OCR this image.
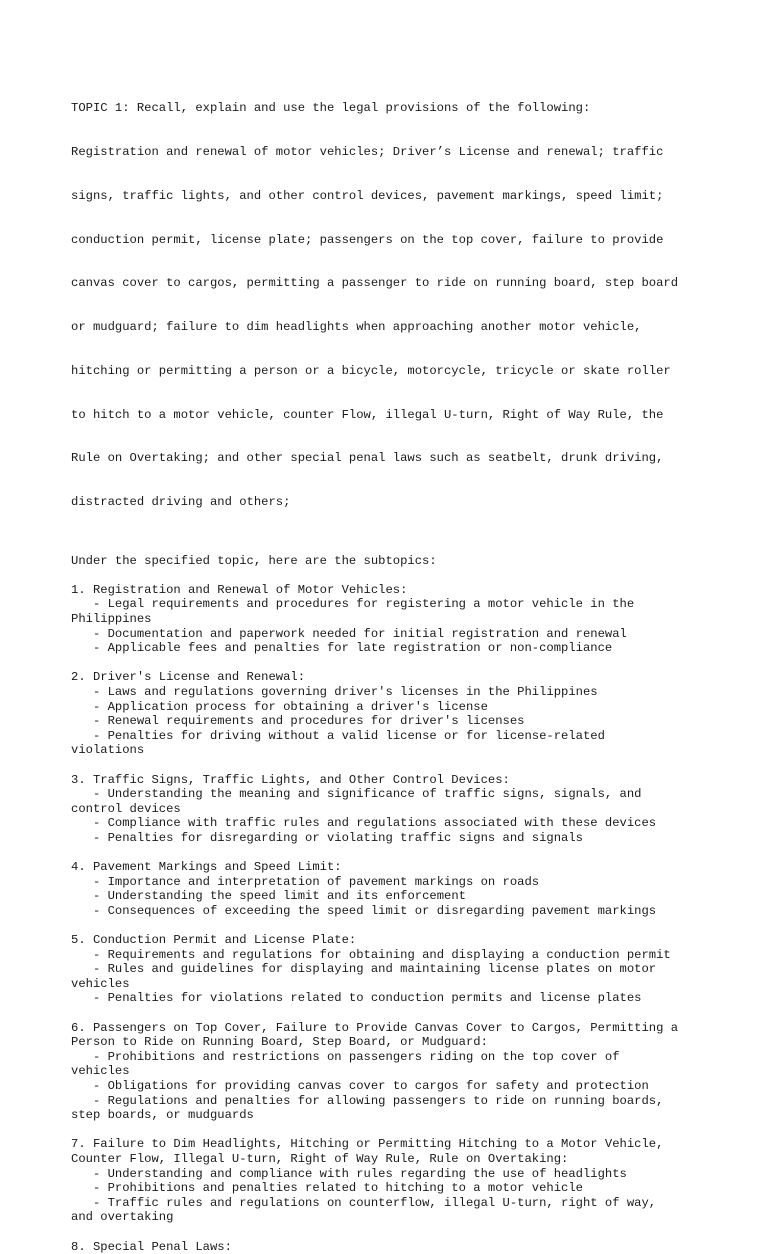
TOPIC 1: Recall, explain and use the legal provisions of the following:

Registration and renewal of motor vehicles; Driver’s License and renewal; traffic

signs, traffic lights, and other control devices, pavement markings, speed limit;

conduction permit, license plate; passengers on the top cover, failure to provide

canvas cover to cargos, permitting a passenger to ride on running board, step board

or mudguard; failure to dim headlights when approaching another motor vehicle,

hitching or permitting a person or a bicycle, motorcycle, tricycle or skate roller

to hitch to a motor vehicle, counter Flow, illegal U-turn, Right of Way Rule, the

Rule on Overtaking; and other special penal laws such as seatbelt, drunk driving,

distracted driving and others;

Under the specified topic, here are the subtopics:
1. Registration and Renewal of Motor Vehicles:
- Legal requirements and procedures for registering a motor vehicle in the
Philippines
- Documentation and paperwork needed for initial registration and renewal
- Applicable fees and penalties for late registration or non-compliance
2. Driver's License and Renewal:
- Laws and regulations governing driver's licenses in the Philippines
- Application process for obtaining a driver's license
- Renewal requirements and procedures for driver's licenses
- Penalties for driving without a valid license or for license-related
violations
3. Traffic Signs, Traffic Lights, and Other Control Devices:
- Understanding the meaning and significance of traffic signs, signals, and
control devices
- Compliance with traffic rules and regulations associated with these devices
- Penalties for disregarding or violating traffic signs and signals
4. Pavement Markings and Speed Limit:
- Importance and interpretation of pavement markings on roads
- Understanding the speed limit and its enforcement
- Consequences of exceeding the speed limit or disregarding pavement markings
5. Conduction Permit and License Plate:
- Requirements and regulations for obtaining and displaying a conduction permit
- Rules and guidelines for displaying and maintaining license plates on motor
vehicles
- Penalties for violations related to conduction permits and license plates
6. Passengers on Top Cover, Failure to Provide Canvas Cover to Cargos, Permitting a
Person to Ride on Running Board, Step Board, or Mudguard:
- Prohibitions and restrictions on passengers riding on the top cover of
vehicles
- Obligations for providing canvas cover to cargos for safety and protection
- Regulations and penalties for allowing passengers to ride on running boards,
step boards, or mudguards
7. Failure to Dim Headlights, Hitching or Permitting Hitching to a Motor Vehicle,
Counter Flow, Illegal U-turn, Right of Way Rule, Rule on Overtaking:
- Understanding and compliance with rules regarding the use of headlights
- Prohibitions and penalties related to hitching to a motor vehicle
- Traffic rules and regulations on counterflow, illegal U-turn, right of way,
and overtaking
8. Special Penal Laws:
